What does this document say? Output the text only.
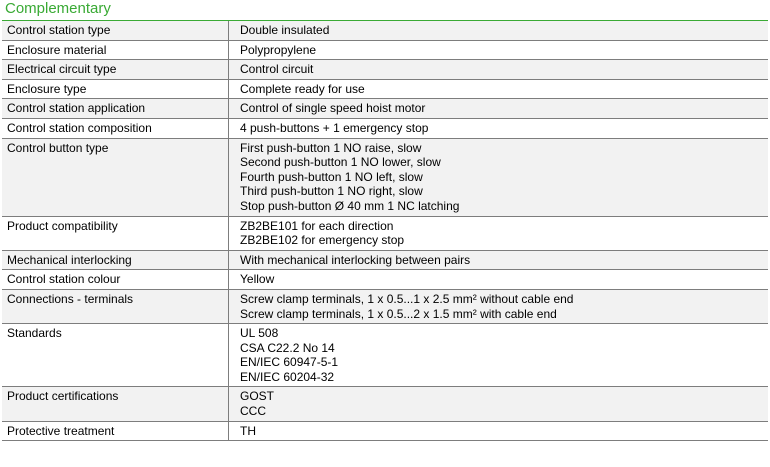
Complementary
Control station type	Double insulated
Enclosure material	Polypropylene
Electrical circuit type	Control circuit
Enclosure type	Complete ready for use
Control station application	Control of single speed hoist motor
Control station composition	4 push-buttons + 1 emergency stop
Control button type	First push-button 1 NO raise, slow
Second push-button 1 NO lower, slow
Fourth push-button 1 NO left, slow
Third push-button 1 NO right, slow
Stop push-button Ø 40 mm 1 NC latching
Product compatibility	ZB2BE101 for each direction
ZB2BE102 for emergency stop
Mechanical interlocking	With mechanical interlocking between pairs
Control station colour	Yellow
Connections - terminals	Screw clamp terminals, 1 x 0.5...1 x 2.5 mm² without cable end
Screw clamp terminals, 1 x 0.5...2 x 1.5 mm² with cable end
Standards	UL 508
CSA C22.2 No 14
EN/IEC 60947-5-1
EN/IEC 60204-32
Product certifications	GOST
CCC
Protective treatment	TH
